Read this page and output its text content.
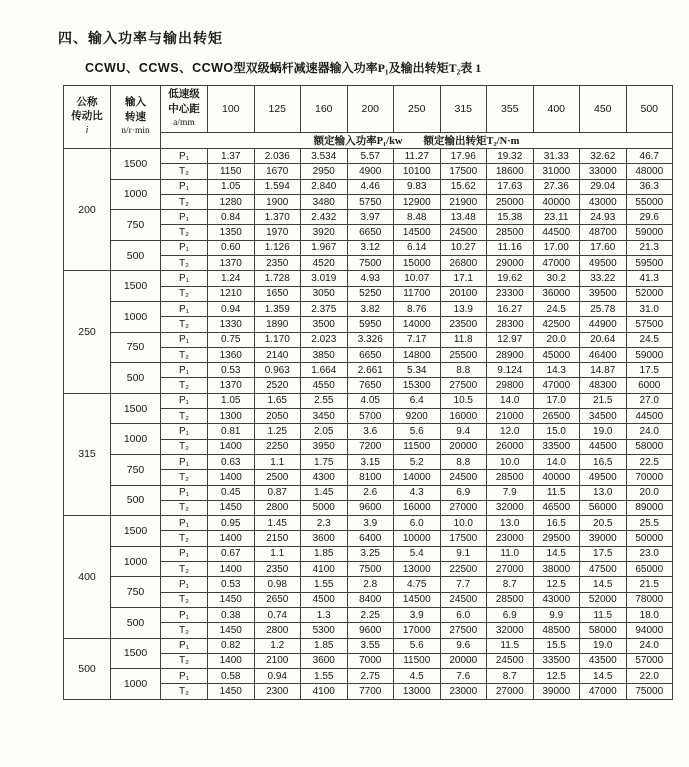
四、输入功率与输出转矩
CCWU、CCWS、CCWO型双级蜗杆减速器输入功率P₁及输出转矩T₂表 1
公称
传动比
i

输入
转速
n/r·min

低速级
中心距
a/mm
	100	125	160	200	250	315	355	400	450	500
		额定输入功率P₁/kw　　额定输出转矩T₂/N·m										
200	1500	P₁	1.37	2.036	3.534	5.57	11.27	17.96	19.32	31.33	32.62	46.7
		T₂	1150	1670	2950	4900	10100	17500	18600	31000	33000	48000
	1000	P₁	1.05	1.594	2.840	4.46	9.83	15.62	17.63	27.36	29.04	36.3
		T₂	1280	1900	3480	5750	12900	21900	25000	40000	43000	55000
	750	P₁	0.84	1.370	2.432	3.97	8.48	13.48	15.38	23.11	24.93	29.6
		T₂	1350	1970	3920	6650	14500	24500	28500	44500	48700	59000
	500	P₁	0.60	1.126	1.967	3.12	6.14	10.27	11.16	17.00	17.60	21.3
		T₂	1370	2350	4520	7500	15000	26800	29000	47000	49500	59500
250	1500	P₁	1.24	1.728	3.019	4.93	10.07	17.1	19.62	30.2	33.22	41.3
		T₂	1210	1650	3050	5250	11700	20100	23300	36000	39500	52000
	1000	P₁	0.94	1.359	2.375	3.82	8.76	13.9	16.27	24.5	25.78	31.0
		T₂	1330	1890	3500	5950	14000	23500	28300	42500	44900	57500
	750	P₁	0.75	1.170	2.023	3.326	7.17	11.8	12.97	20.0	20.64	24.5
		T₂	1360	2140	3850	6650	14800	25500	28900	45000	46400	59000
	500	P₁	0.53	0.963	1.664	2.661	5.34	8.8	9.124	14.3	14.87	17.5
		T₂	1370	2520	4550	7650	15300	27500	29800	47000	48300	6000
315	1500	P₁	1.05	1.65	2.55	4.05	6.4	10.5	14.0	17.0	21.5	27.0
		T₂	1300	2050	3450	5700	9200	16000	21000	26500	34500	44500
	1000	P₁	0.81	1.25	2.05	3.6	5.6	9.4	12.0	15.0	19.0	24.0
		T₂	1400	2250	3950	7200	11500	20000	26000	33500	44500	58000
	750	P₁	0.63	1.1	1.75	3.15	5.2	8.8	10.0	14.0	16.5	22.5
		T₂	1400	2500	4300	8100	14000	24500	28500	40000	49500	70000
	500	P₁	0.45	0.87	1.45	2.6	4.3	6.9	7.9	11.5	13.0	20.0
		T₂	1450	2800	5000	9600	16000	27000	32000	46500	56000	89000
400	1500	P₁	0.95	1.45	2.3	3.9	6.0	10.0	13.0	16.5	20.5	25.5
		T₂	1400	2150	3600	6400	10000	17500	23000	29500	39000	50000
	1000	P₁	0.67	1.1	1.85	3.25	5.4	9.1	11.0	14.5	17.5	23.0
		T₂	1400	2350	4100	7500	13000	22500	27000	38000	47500	65000
	750	P₁	0.53	0.98	1.55	2.8	4.75	7.7	8.7	12.5	14.5	21.5
		T₂	1450	2650	4500	8400	14500	24500	28500	43000	52000	78000
	500	P₁	0.38	0.74	1.3	2.25	3.9	6.0	6.9	9.9	11.5	18.0
		T₂	1450	2800	5300	9600	17000	27500	32000	48500	58000	94000
500	1500	P₁	0.82	1.2	1.85	3.55	5.6	9.6	11.5	15.5	19.0	24.0
		T₂	1400	2100	3600	7000	11500	20000	24500	33500	43500	57000
	1000	P₁	0.58	0.94	1.55	2.75	4.5	7.6	8.7	12.5	14.5	22.0
		T₂	1450	2300	4100	7700	13000	23000	27000	39000	47000	75000
